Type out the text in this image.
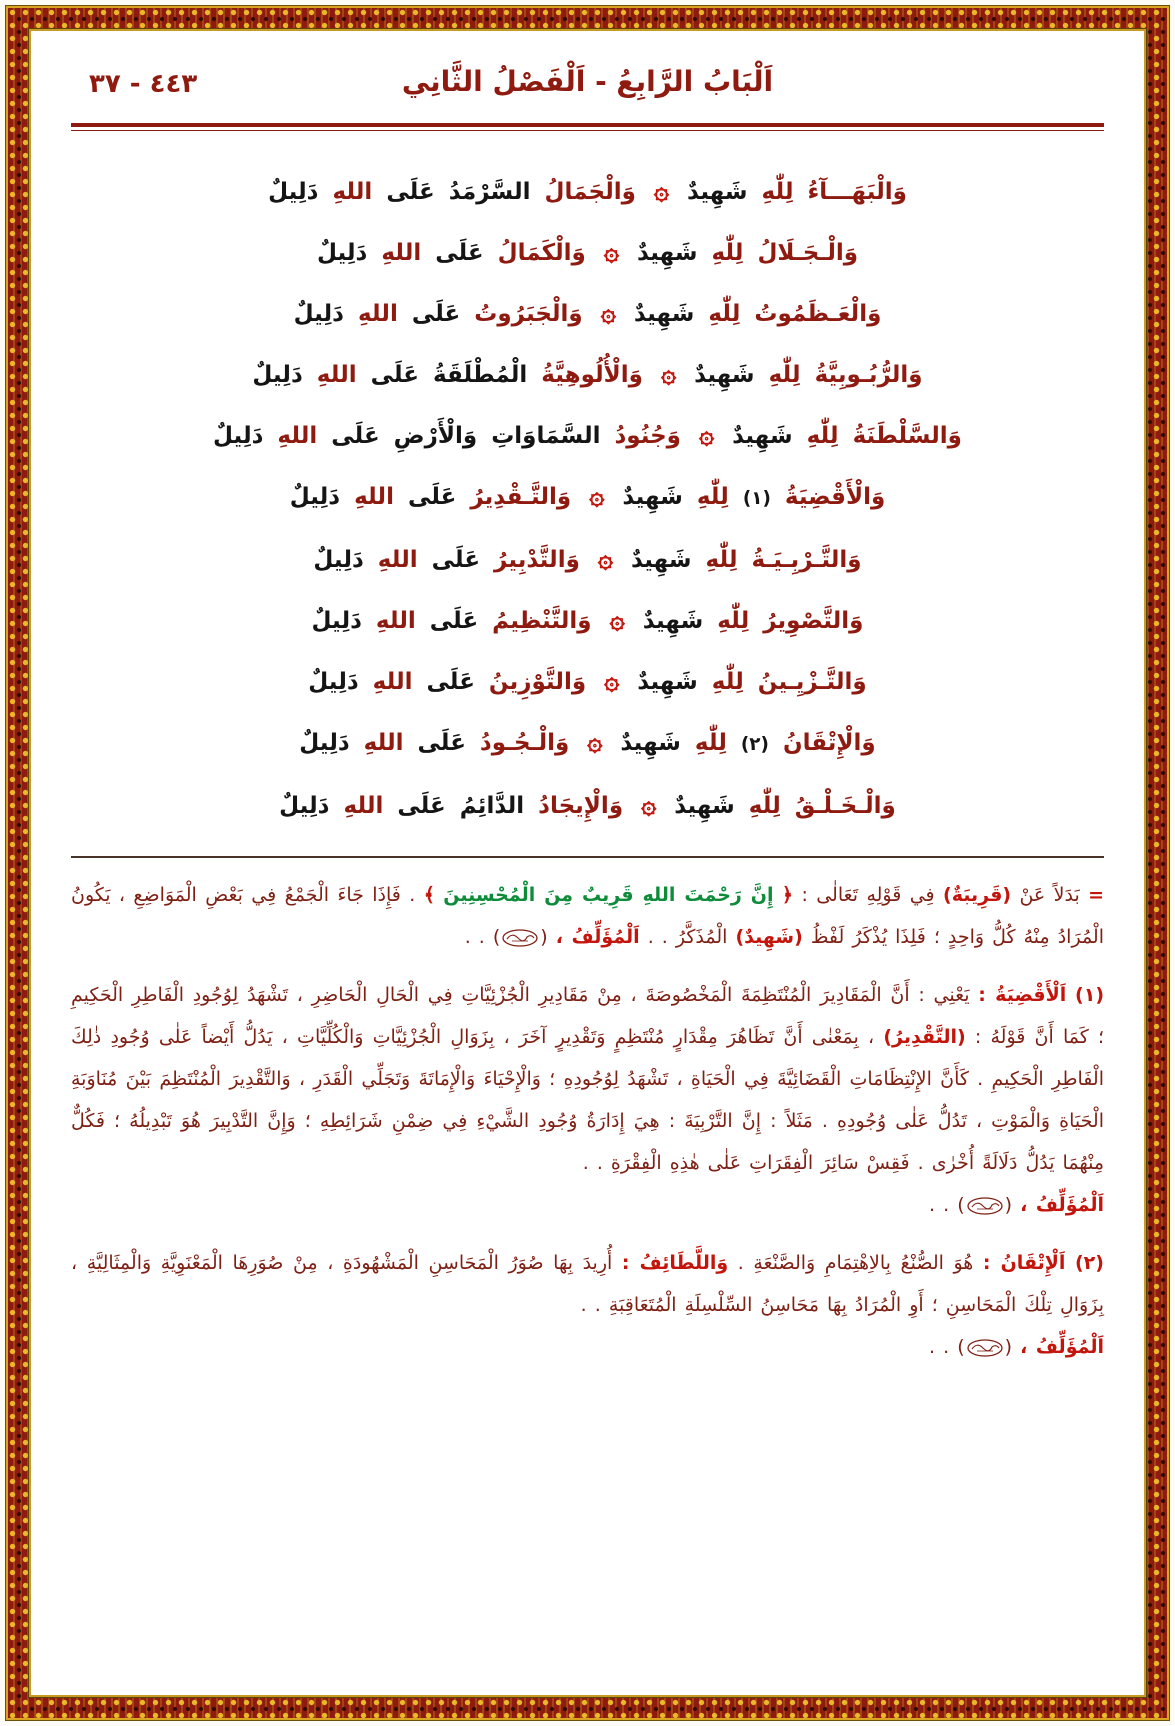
٤٤٣ - ٣٧	اَلْبَابُ الرَّابِعُ - اَلْفَصْلُ الثَّانِي
وَالْبَهَـــآءُ لِلّٰهِ شَهِيدٌ ۞ وَالْجَمَالُ السَّرْمَدُ عَلَى اللهِ دَلِيلٌ
وَالْـجَـلَالُ لِلّٰهِ شَهِيدٌ ۞ وَالْكَمَالُ عَلَى اللهِ دَلِيلٌ
وَالْعَـظَمُوتُ لِلّٰهِ شَهِيدٌ ۞ وَالْجَبَرُوتُ عَلَى اللهِ دَلِيلٌ
وَالرُّبُـوبِيَّةُ لِلّٰهِ شَهِيدٌ ۞ وَالْأُلُوهِيَّةُ الْمُطْلَقَةُ عَلَى اللهِ دَلِيلٌ
وَالسَّلْطَنَةُ لِلّٰهِ شَهِيدٌ ۞ وَجُنُودُ السَّمَاوَاتِ وَالْأَرْضِ عَلَى اللهِ دَلِيلٌ
وَالْأَقْضِيَةُ (١) لِلّٰهِ شَهِيدٌ ۞ وَالتَّـقْدِيرُ عَلَى اللهِ دَلِيلٌ
وَالتَّـرْبِـيَـةُ لِلّٰهِ شَهِيدٌ ۞ وَالتَّدْبِيرُ عَلَى اللهِ دَلِيلٌ
وَالتَّصْوِيرُ لِلّٰهِ شَهِيدٌ ۞ وَالتَّنْظِيمُ عَلَى اللهِ دَلِيلٌ
وَالتَّـزْيِـينُ لِلّٰهِ شَهِيدٌ ۞ وَالتَّوْزِينُ عَلَى اللهِ دَلِيلٌ
وَالْإِتْقَانُ (٢) لِلّٰهِ شَهِيدٌ ۞ وَالْـجُـودُ عَلَى اللهِ دَلِيلٌ
وَالْـخَـلْـقُ لِلّٰهِ شَهِيدٌ ۞ وَالْإِيجَادُ الدَّائِمُ عَلَى اللهِ دَلِيلٌ

= بَدَلاً عَنْ (قَرِيبَةٌ) فِي قَوْلِهِ تَعَالٰى : ﴿ إِنَّ رَحْمَتَ اللهِ قَرِيبٌ مِنَ الْمُحْسِنِينَ ﴾ . فَإِذَا جَاءَ الْجَمْعُ فِي بَعْضِ الْمَوَاضِعِ ، يَكُونُ الْمُرَادُ مِنْهُ كُلُّ وَاحِدٍ ؛ فَلِذَا يُذْكَرُ لَفْظُ (شَهِيدٌ) الْمُذَكَّرُ . . اَلْمُؤَلِّفُ ، () . .

(١) اَلْأَقْضِيَةُ : يَعْنِي : أَنَّ الْمَقَادِيرَ الْمُنْتَظِمَةَ الْمَخْصُوصَةَ ، مِنْ مَقَادِيرِ الْجُزْئِيَّاتِ فِي الْحَالِ الْحَاضِرِ ، تَشْهَدُ لِوُجُودِ الْفَاطِرِ الْحَكِيمِ ؛ كَمَا أَنَّ قَوْلَهُ : (التَّقْدِيرُ) ، بِمَعْنٰى أَنَّ تَظَاهُرَ مِقْدَارٍ مُنْتَظِمٍ وَتَقْدِيرٍ آخَرَ ، بِزَوَالِ الْجُزْئِيَّاتِ وَالْكُلِّيَّاتِ ، يَدُلُّ أَيْضاً عَلٰى وُجُودِ ذٰلِكَ الْفَاطِرِ الْحَكِيمِ . كَأَنَّ الإِنْتِظَامَاتِ الْقَضَائِيَّةَ فِي الْحَيَاةِ ، تَشْهَدُ لِوُجُودِهِ ؛ وَالْإِحْيَاءَ وَالْإِمَاتَةَ وَتَجَلِّي الْقَدَرِ ، وَالتَّقْدِيرَ الْمُنْتَظِمَ بَيْنَ مُنَاوَبَةِ الْحَيَاةِ وَالْمَوْتِ ، تَدُلُّ عَلٰى وُجُودِهِ . مَثَلاً : إِنَّ التَّرْبِيَةَ : هِيَ إِدَارَةُ وُجُودِ الشَّيْءِ فِي ضِمْنِ شَرَائِطِهِ ؛ وَإِنَّ التَّدْبِيرَ هُوَ تَبْدِيلُهُ ؛ فَكُلٌّ مِنْهُمَا يَدُلُّ دَلَالَةً أُخْرٰى . فَقِسْ سَائِرَ الْفِقَرَاتِ عَلٰى هٰذِهِ الْفِقْرَةِ . .
اَلْمُؤَلِّفُ ، () . .

(٢) اَلْإِتْقَانُ : هُوَ الصُّنْعُ بِالاِهْتِمَامِ وَالصَّنْعَةِ . وَاللَّطَائِفُ : أُرِيدَ بِهَا صُوَرُ الْمَحَاسِنِ الْمَشْهُودَةِ ، مِنْ صُوَرِهَا الْمَعْنَوِيَّةِ وَالْمِثَالِيَّةِ ، بِزَوَالِ تِلْكَ الْمَحَاسِنِ ؛ أَوِ الْمُرَادُ بِهَا مَحَاسِنُ السِّلْسِلَةِ الْمُتَعَاقِبَةِ . .
اَلْمُؤَلِّفُ ، () . .
